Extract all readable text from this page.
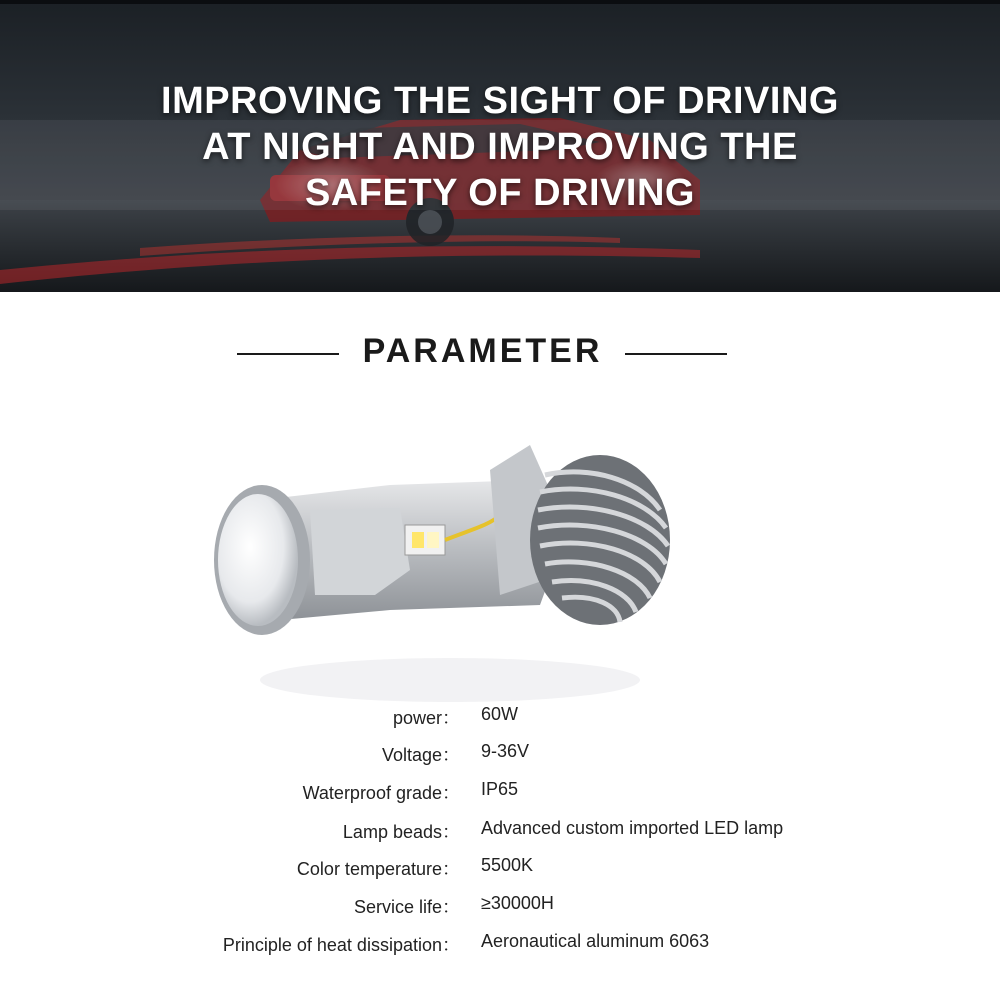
IMPROVING THE SIGHT OF DRIVING
AT NIGHT AND IMPROVING THE
SAFETY OF DRIVING
PARAMETER
power： 60W
Voltage： 9-36V
Waterproof grade： IP65
Lamp beads： Advanced custom imported LED lamp
Color temperature： 5500K
Service life： ≥30000H
Principle of heat dissipation： Aeronautical aluminum 6063
